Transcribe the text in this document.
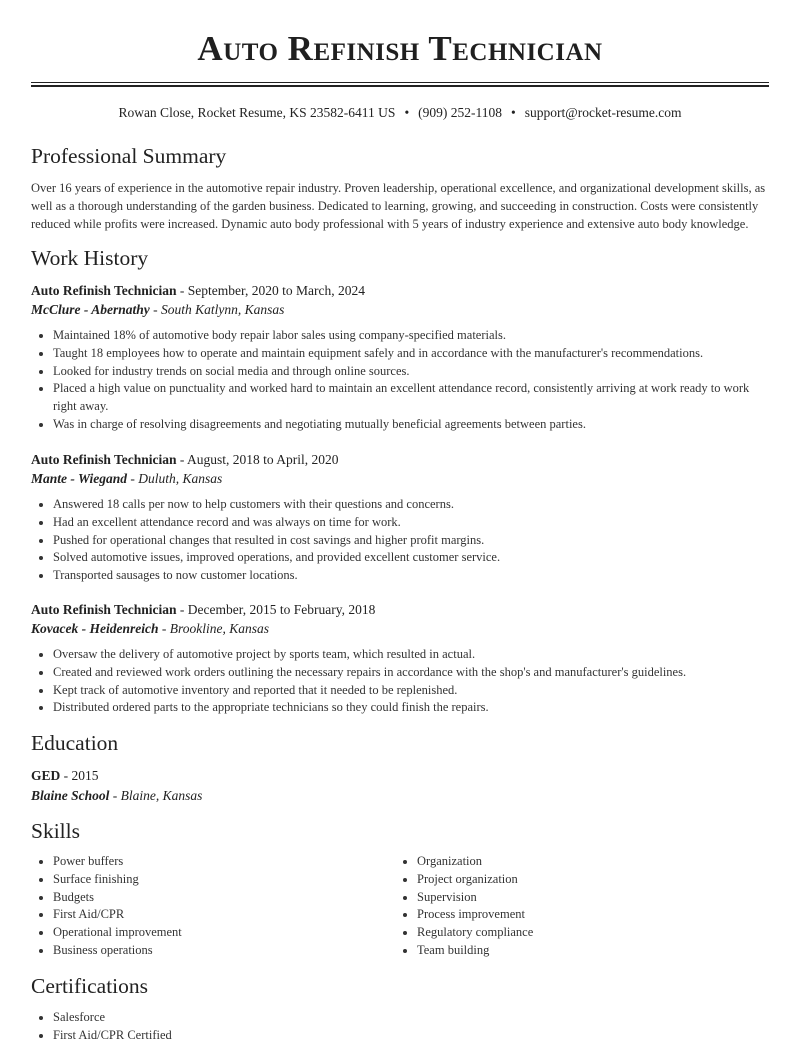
Auto Refinish Technician
Rowan Close, Rocket Resume, KS 23582-6411 US • (909) 252-1108 • support@rocket-resume.com
Professional Summary

Over 16 years of experience in the automotive repair industry. Proven leadership, operational excellence, and organizational development skills, as well as a thorough understanding of the garden business. Dedicated to learning, growing, and succeeding in construction. Costs were consistently reduced while profits were increased. Dynamic auto body professional with 5 years of industry experience and extensive auto body knowledge.

Work History
Auto Refinish Technician - September, 2020 to March, 2024
McClure - Abernathy - South Katlynn, Kansas
• Maintained 18% of automotive body repair labor sales using company-specified materials.
• Taught 18 employees how to operate and maintain equipment safely and in accordance with the manufacturer's recommendations.
• Looked for industry trends on social media and through online sources.
• Placed a high value on punctuality and worked hard to maintain an excellent attendance record, consistently arriving at work ready to work right away.
• Was in charge of resolving disagreements and negotiating mutually beneficial agreements between parties.
Auto Refinish Technician - August, 2018 to April, 2020
Mante - Wiegand - Duluth, Kansas
• Answered 18 calls per now to help customers with their questions and concerns.
• Had an excellent attendance record and was always on time for work.
• Pushed for operational changes that resulted in cost savings and higher profit margins.
• Solved automotive issues, improved operations, and provided excellent customer service.
• Transported sausages to now customer locations.
Auto Refinish Technician - December, 2015 to February, 2018
Kovacek - Heidenreich - Brookline, Kansas
• Oversaw the delivery of automotive project by sports team, which resulted in actual.
• Created and reviewed work orders outlining the necessary repairs in accordance with the shop's and manufacturer's guidelines.
• Kept track of automotive inventory and reported that it needed to be replenished.
• Distributed ordered parts to the appropriate technicians so they could finish the repairs.
Education
GED - 2015
Blaine School - Blaine, Kansas
Skills
• Power buffers
• Surface finishing
• Budgets
• First Aid/CPR
• Operational improvement
• Business operations
• Organization
• Project organization
• Supervision
• Process improvement
• Regulatory compliance
• Team building
Certifications
• Salesforce
• First Aid/CPR Certified
